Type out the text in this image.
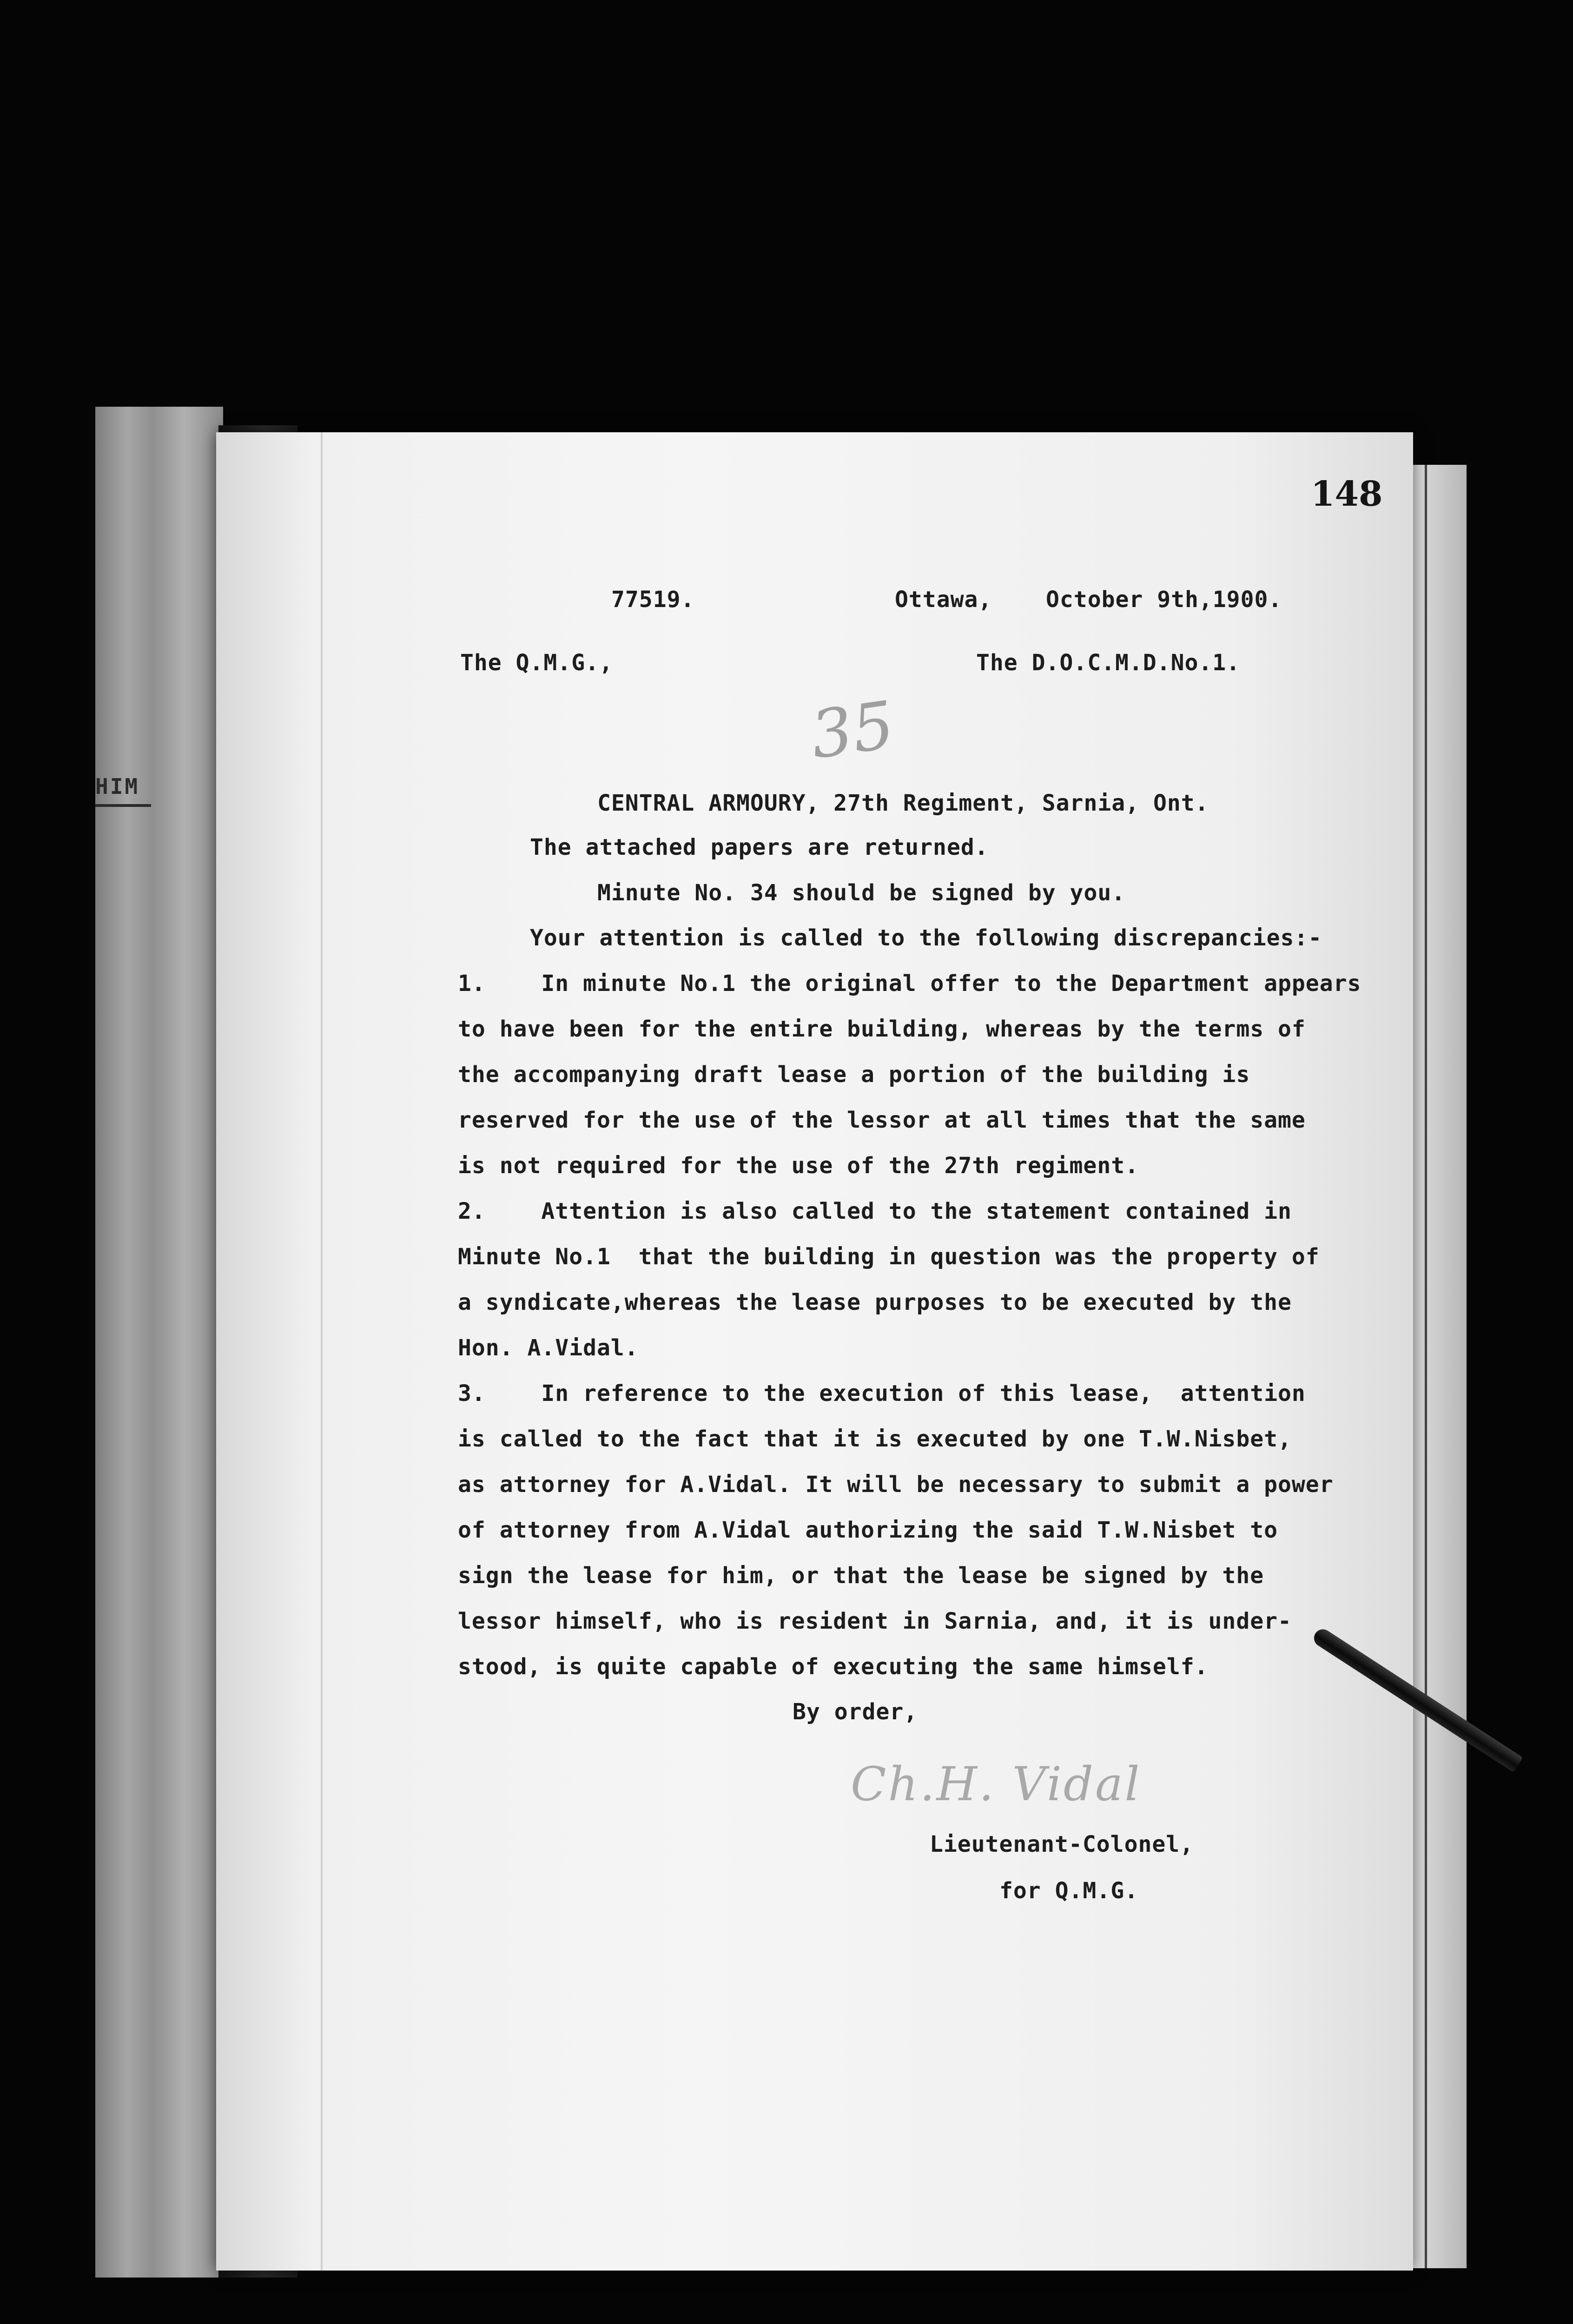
HIM
148
77519.	Ottawa, October 9th,1900.
The Q.M.G.,	The D.O.C.M.D.No.1.
35
CENTRAL ARMOURY, 27th Regiment, Sarnia, Ont.
The attached papers are returned.
Minute No. 34 should be signed by you.
Your attention is called to the following discrepancies:-
1.    In minute No.1 the original offer to the Department appears
to have been for the entire building, whereas by the terms of
the accompanying draft lease a portion of the building is
reserved for the use of the lessor at all times that the same
is not required for the use of the 27th regiment.
2.    Attention is also called to the statement contained in
Minute No.1  that the building in question was the property of
a syndicate,whereas the lease purposes to be executed by the
Hon. A.Vidal.
3.    In reference to the execution of this lease,  attention
is called to the fact that it is executed by one T.W.Nisbet,
as attorney for A.Vidal. It will be necessary to submit a power
of attorney from A.Vidal authorizing the said T.W.Nisbet to
sign the lease for him, or that the lease be signed by the
lessor himself, who is resident in Sarnia, and, it is under-
stood, is quite capable of executing the same himself.
By order,
Ch.H. Vidal
Lieutenant-Colonel,
for Q.M.G.
